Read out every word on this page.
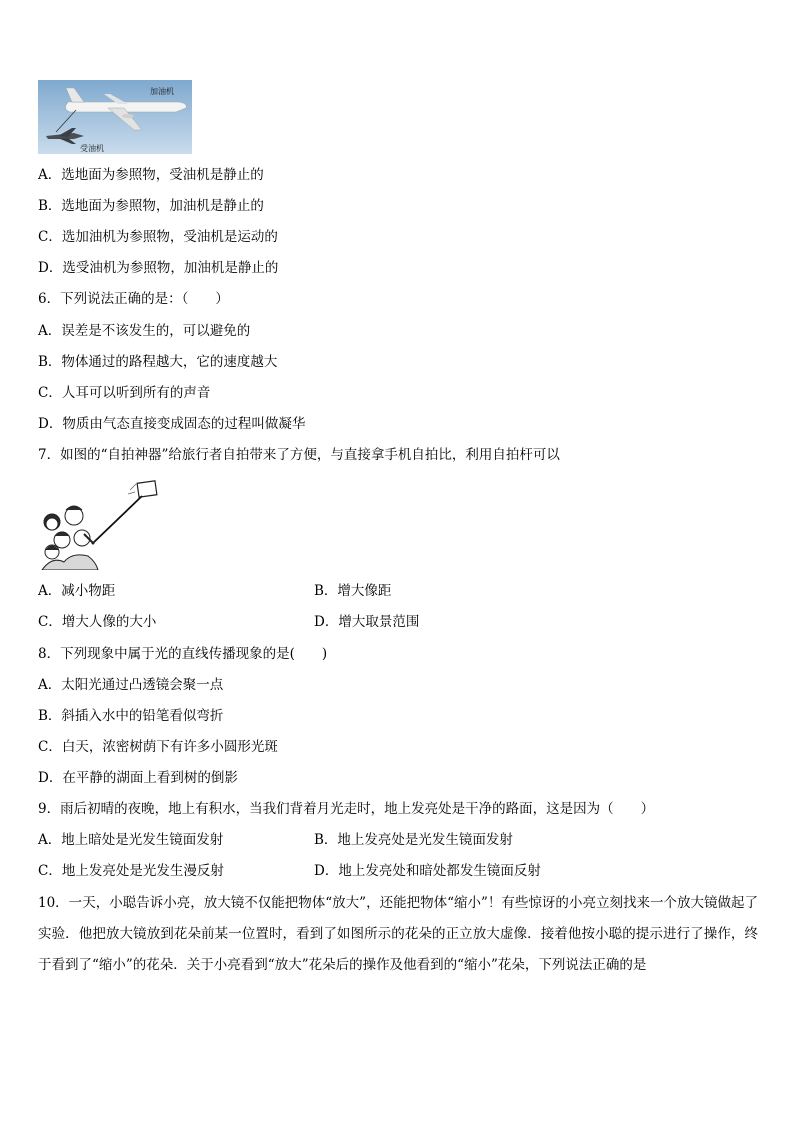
加油机
受油机
A．选地面为参照物，受油机是静止的
B．选地面为参照物，加油机是静止的
C．选加油机为参照物，受油机是运动的
D．选受油机为参照物，加油机是静止的
6．下列说法正确的是：（　　）
A．误差是不该发生的，可以避免的
B．物体通过的路程越大，它的速度越大
C．人耳可以听到所有的声音
D．物质由气态直接变成固态的过程叫做凝华
7．如图的“自拍神器”给旅行者自拍带来了方便，与直接拿手机自拍比，利用自拍杆可以
A．减小物距	B．增大像距
C．增大人像的大小	D．增大取景范围
8．下列现象中属于光的直线传播现象的是(　　)
A．太阳光通过凸透镜会聚一点
B．斜插入水中的铅笔看似弯折
C．白天，浓密树荫下有许多小圆形光斑
D．在平静的湖面上看到树的倒影
9．雨后初晴的夜晚，地上有积水，当我们背着月光走时，地上发亮处是干净的路面，这是因为（　　）
A．地上暗处是光发生镜面发射	B．地上发亮处是光发生镜面发射
C．地上发亮处是光发生漫反射	D．地上发亮处和暗处都发生镜面反射
10．一天，小聪告诉小亮，放大镜不仅能把物体“放大”，还能把物体“缩小”！有些惊讶的小亮立刻找来一个放大镜做起了实验．他把放大镜放到花朵前某一位置时，看到了如图所示的花朵的正立放大虚像．接着他按小聪的提示进行了操作，终于看到了“缩小”的花朵．关于小亮看到“放大”花朵后的操作及他看到的“缩小”花朵，下列说法正确的是
